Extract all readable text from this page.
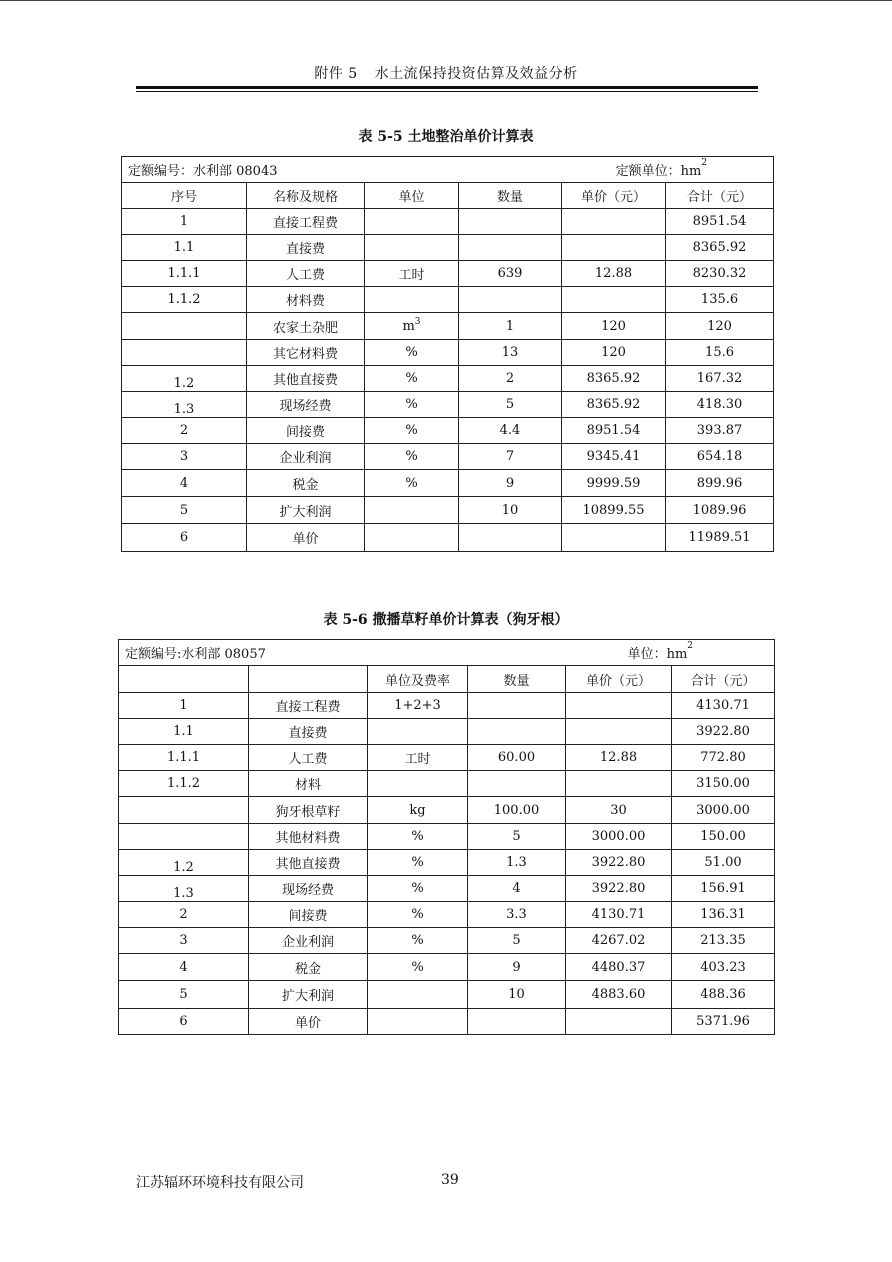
附件 5 水土流保持投资估算及效益分析
表 5-5 土地整治单价计算表
定额编号：水利部 08043 定额单位：$hm^2$

序号	名称及规格	单位	数量	单价（元）	合计（元）
1	直接工程费				8951.54
1.1	直接费				8365.92
1.1.1	人工费	工时	639	12.88	8230.32
1.1.2	材料费				135.6
	农家土杂肥	$m^3$	1	120	120
	其它材料费	%	13	120	15.6
1.2	其他直接费	%	2	8365.92	167.32
1.3	现场经费	%	5	8365.92	418.30
2	间接费	%	4.4	8951.54	393.87
3	企业利润	%	7	9345.41	654.18
4	税金	%	9	9999.59	899.96
5	扩大利润		10	10899.55	1089.96
6	单价				11989.51
表 5-6 撒播草籽单价计算表（狗牙根）
定额编号:水利部 08057 单位：$hm^2$

		单位及费率	数量	单价（元）	合计（元）
1	直接工程费	1+2+3			4130.71
1.1	直接费				3922.80
1.1.1	人工费	工时	60.00	12.88	772.80
1.1.2	材料				3150.00
	狗牙根草籽	kg	100.00	30	3000.00
	其他材料费	%	5	3000.00	150.00
1.2	其他直接费	%	1.3	3922.80	51.00
1.3	现场经费	%	4	3922.80	156.91
2	间接费	%	3.3	4130.71	136.31
3	企业利润	%	5	4267.02	213.35
4	税金	%	9	4480.37	403.23
5	扩大利润		10	4883.60	488.36
6	单价				5371.96
江苏辐环环境科技有限公司	39
